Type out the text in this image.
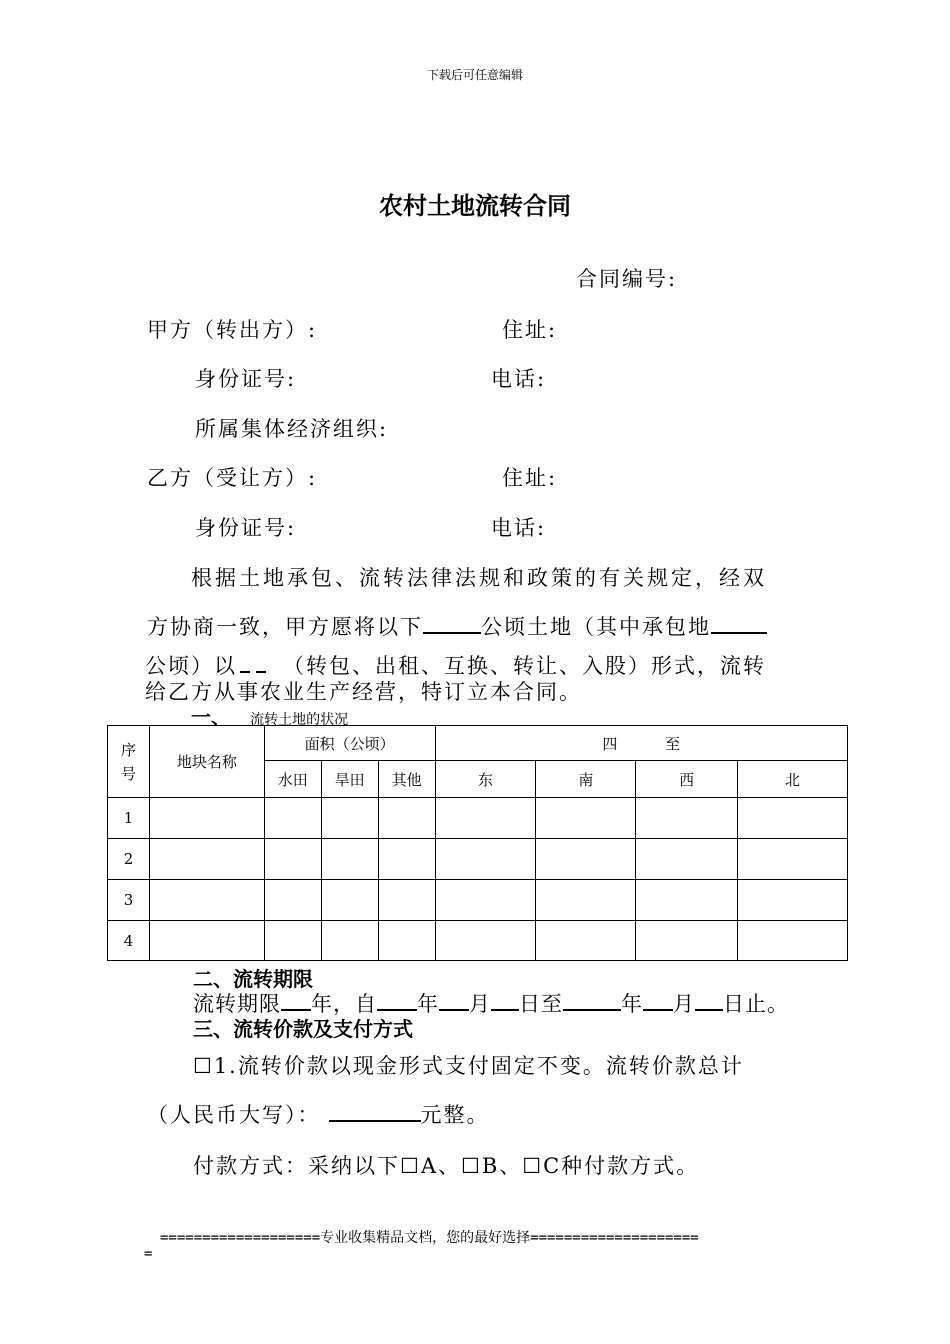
下载后可任意编辑
农村土地流转合同
合同编号:
甲方（转出方）:	住址:
身份证号:	电话:
所属集体经济组织:
乙方（受让方）:	住址:
身份证号:	电话:
根据土地承包、流转法律法规和政策的有关规定，经双
方协商一致，甲方愿将以下	公顷土地（其中承包地
公顷）以 （转包、出租、互换、转让、入股）形式，流转
给乙方从事农业生产经营，特订立本合同。
一、 流转土地的状况
序号	地块名称	面积（公顷）			四          至			
		水田	旱田	其他	东	南	西	北
1								
2								
3								
4								
二、流转期限
流转期限 年，自 年 月 日至	年 月 日止。
三、流转价款及支付方式
☐1.流转价款以现金形式支付固定不变。流转价款总计
（人民币大写）：	元整。
付款方式：采纳以下☐A、☐B、☐C种付款方式。
===================专业收集精品文档，您的最好选择====================
=
